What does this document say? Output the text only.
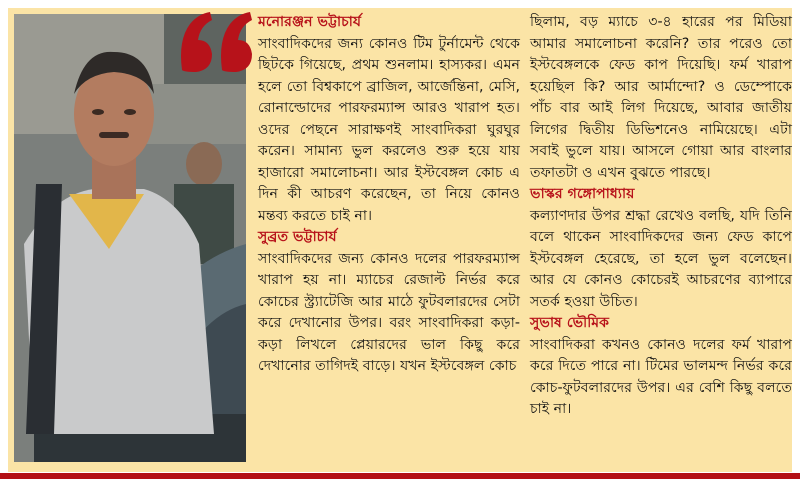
মনোরঞ্জন ভট্টাচার্য
সাংবাদিকদের জন্য কোনও টিম টুর্নামেন্ট থেকে ছিটকে গিয়েছে, প্রথম শুনলাম। হাস্যকর। এমন হলে তো বিশ্বকাপে ব্রাজিল, আর্জেন্তিনা, মেসি, রোনাল্ডোদের পারফরম্যান্স আরও খারাপ হত। ওদের পেছনে সারাক্ষণই সাংবাদিকরা ঘুরঘুর করেন। সামান্য ভুল করলেও শুরু হয়ে যায় হাজারো সমালোচনা। আর ইস্টবেঙ্গল কোচ এ দিন কী আচরণ করেছেন, তা নিয়ে কোনও মন্তব্য করতে চাই না।
সুব্রত ভট্টাচার্য
সাংবাদিকদের জন্য কোনও দলের পারফরম্যান্স খারাপ হয় না। ম্যাচের রেজাল্ট নির্ভর করে কোচের স্ট্র্যাটেজি আর মাঠে ফুটবলারদের সেটা করে দেখানোর উপর। বরং সাংবাদিকরা কড়া-কড়া লিখলে প্লেয়ারদের ভাল কিছু করে দেখানোর তাগিদই বাড়ে। যখন ইস্টবেঙ্গল কোচ
ছিলাম, বড় ম্যাচে ৩-৪ হারের পর মিডিয়া আমার সমালোচনা করেনি? তার পরেও তো ইস্টবেঙ্গলকে ফেড কাপ দিয়েছি। ফর্ম খারাপ হয়েছিল কি? আর আর্মান্দো? ও ডেম্পোকে পাঁচ বার আই লিগ দিয়েছে, আবার জাতীয় লিগের দ্বিতীয় ডিভিশনেও নামিয়েছে। এটা সবাই ভুলে যায়। আসলে গোয়া আর বাংলার তফাতটা ও এখন বুঝতে পারছে।
ভাস্কর গঙ্গোপাধ্যায়
কল্যাণদার উপর শ্রদ্ধা রেখেও বলছি, যদি তিনি বলে থাকেন সাংবাদিকদের জন্য ফেড কাপে ইস্টবেঙ্গল হেরেছে, তা হলে ভুল বলেছেন। আর যে কোনও কোচেরই আচরণের ব্যাপারে সতর্ক হওয়া উচিত।
সুভাষ ভৌমিক
সাংবাদিকরা কখনও কোনও দলের ফর্ম খারাপ করে দিতে পারে না। টিমের ভালমন্দ নির্ভর করে কোচ-ফুটবলারদের উপর। এর বেশি কিছু বলতে চাই না।
